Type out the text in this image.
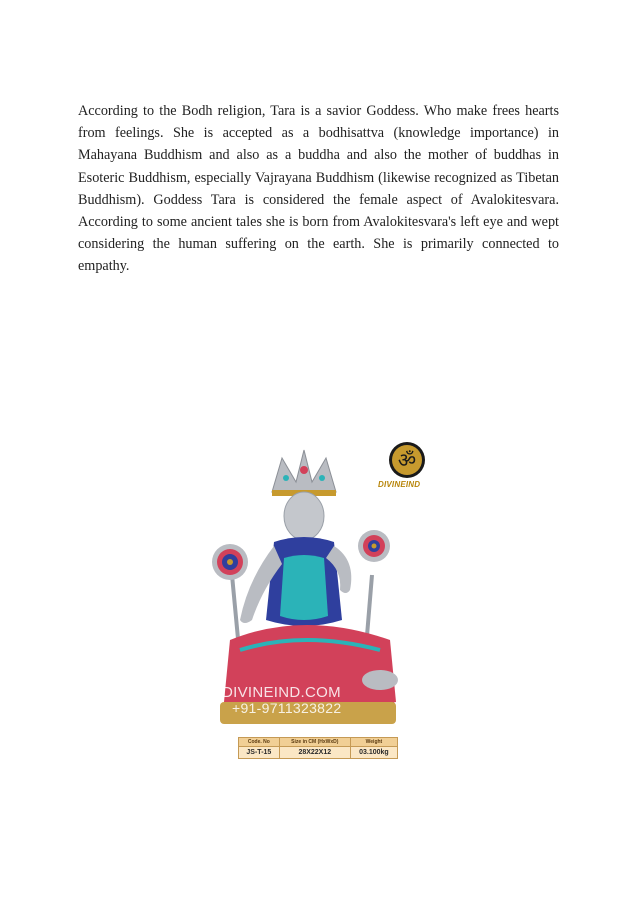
According to the Bodh religion, Tara is a savior Goddess. Who make frees hearts from feelings. She is accepted as a bodhisattva (knowledge importance) in Mahayana Buddhism and also as a buddha and also the mother of buddhas in Esoteric Buddhism, especially Vajrayana Buddhism (likewise recognized as Tibetan Buddhism). Goddess Tara is considered the female aspect of Avalokitesvara. According to some ancient tales she is born from Avalokitesvara's left eye and wept considering the human suffering on the earth. She is primarily connected to empathy.

ॐ
DIVINEIND
DIVINEIND.COM
+91-9711323822
Code. No	Size in CM (HxWxD)	Weight
JS-T-15	28X22X12	03.100kg
